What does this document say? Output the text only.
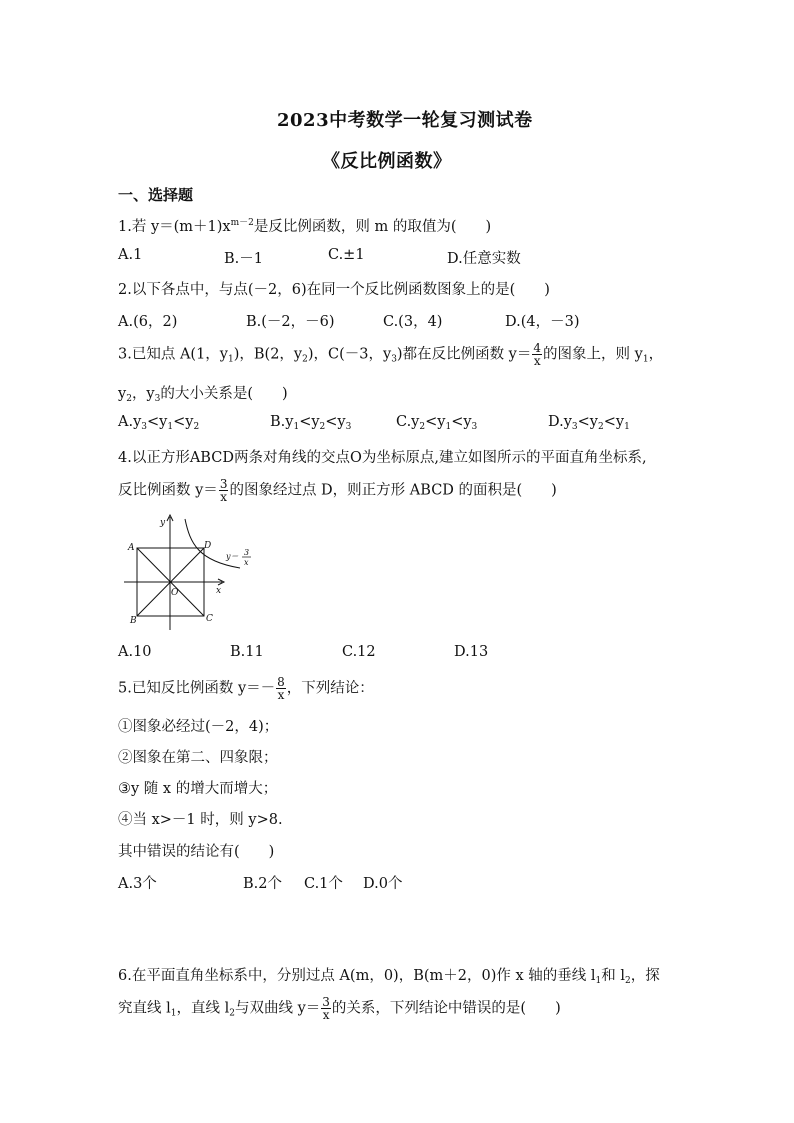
2023中考数学一轮复习测试卷
《反比例函数》
一、选择题
1.若 $y=(m+1)x^{m-2}$是反比例函数，则 m 的取值为(　　)
A.1	B.－1	C.±1	D.任意实数
2.以下各点中，与点(－2，6)在同一个反比例函数图象上的是(　　)
A.(6，2)	B.(－2，－6)	C.(3，4)	D.(4，－3)
3.已知点 A(1，$y_1$)，B(2，$y_2$)，C(－3，$y_3$)都在反比例函数 $y= \frac{4}{x}$ 的图象上，则 $y_1$，
$y_2$，$y_3$的大小关系是(　　)
$A.y_3<y_1<y_2$	$B.y_1<y_2<y_3$	$C.y_2<y_1<y_3$	$D.y_3<y_2<y_1$
4.以正方形ABCD两条对角线的交点O为坐标原点,建立如图所示的平面直角坐标系,
反比例函数 $y= \frac{3}{x}$ 的图象经过点 D，则正方形 ABCD 的面积是(　　)
y
x
O
A
B	C
D
y＝ 3
x
A.10	B.11	C.12	D.13
5.已知反比例函数 $y=- \frac{8}{x}$ ，下列结论：
①图象必经过(－2，4)；
②图象在第二、四象限；
③y 随 x 的增大而增大；
④当 x>－1 时，则 y>8.
其中错误的结论有(　　)
A.3个	B.2个 C.1个 D.0个
6.在平面直角坐标系中，分别过点 A(m，0)，B(m＋2，0)作 x 轴的垂线 $l_1$和 $l_2$，探
究直线 $l_1$，直线 $l_2$与双曲线 $y= \frac{3}{x}$ 的关系，下列结论中错误的是(　　)
